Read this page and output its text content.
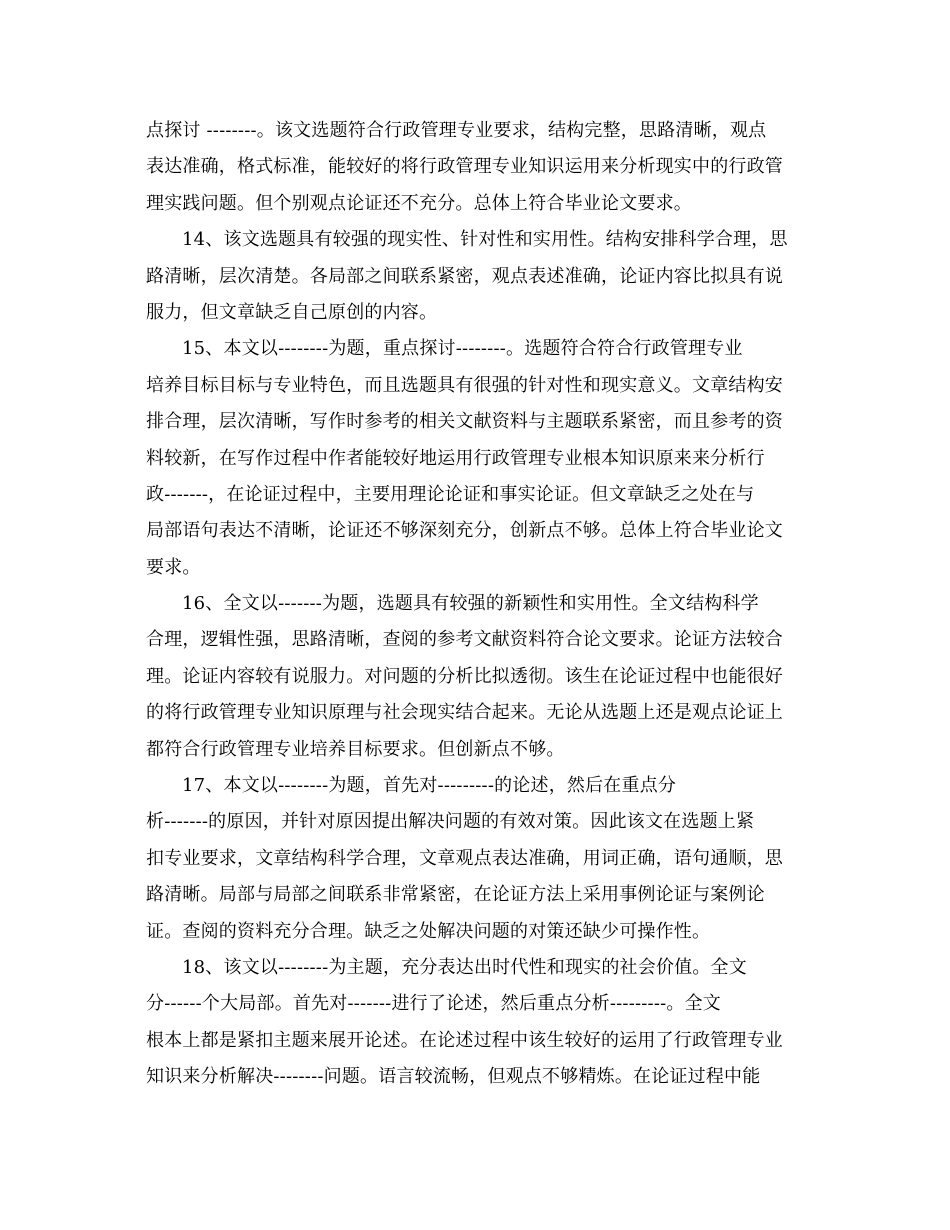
点探讨 --------。该文选题符合行政管理专业要求，结构完整，思路清晰，观点
表达准确，格式标准，能较好的将行政管理专业知识运用来分析现实中的行政管
理实践问题。但个别观点论证还不充分。总体上符合毕业论文要求。
14、该文选题具有较强的现实性、针对性和实用性。结构安排科学合理，思
路清晰，层次清楚。各局部之间联系紧密，观点表述准确，论证内容比拟具有说
服力，但文章缺乏自己原创的内容。
15、本文以--------为题，重点探讨--------。选题符合符合行政管理专业
培养目标目标与专业特色，而且选题具有很强的针对性和现实意义。文章结构安
排合理，层次清晰，写作时参考的相关文献资料与主题联系紧密，而且参考的资
料较新，在写作过程中作者能较好地运用行政管理专业根本知识原来来分析行
政-------，在论证过程中，主要用理论论证和事实论证。但文章缺乏之处在与
局部语句表达不清晰，论证还不够深刻充分，创新点不够。总体上符合毕业论文
要求。
16、全文以-------为题，选题具有较强的新颖性和实用性。全文结构科学
合理，逻辑性强，思路清晰，查阅的参考文献资料符合论文要求。论证方法较合
理。论证内容较有说服力。对问题的分析比拟透彻。该生在论证过程中也能很好
的将行政管理专业知识原理与社会现实结合起来。无论从选题上还是观点论证上
都符合行政管理专业培养目标要求。但创新点不够。
17、本文以--------为题，首先对---------的论述，然后在重点分
析-------的原因，并针对原因提出解决问题的有效对策。因此该文在选题上紧
扣专业要求，文章结构科学合理，文章观点表达准确，用词正确，语句通顺，思
路清晰。局部与局部之间联系非常紧密，在论证方法上采用事例论证与案例论
证。查阅的资料充分合理。缺乏之处解决问题的对策还缺少可操作性。
18、该文以--------为主题，充分表达出时代性和现实的社会价值。全文
分------个大局部。首先对-------进行了论述，然后重点分析---------。全文
根本上都是紧扣主题来展开论述。在论述过程中该生较好的运用了行政管理专业
知识来分析解决--------问题。语言较流畅，但观点不够精炼。在论证过程中能
